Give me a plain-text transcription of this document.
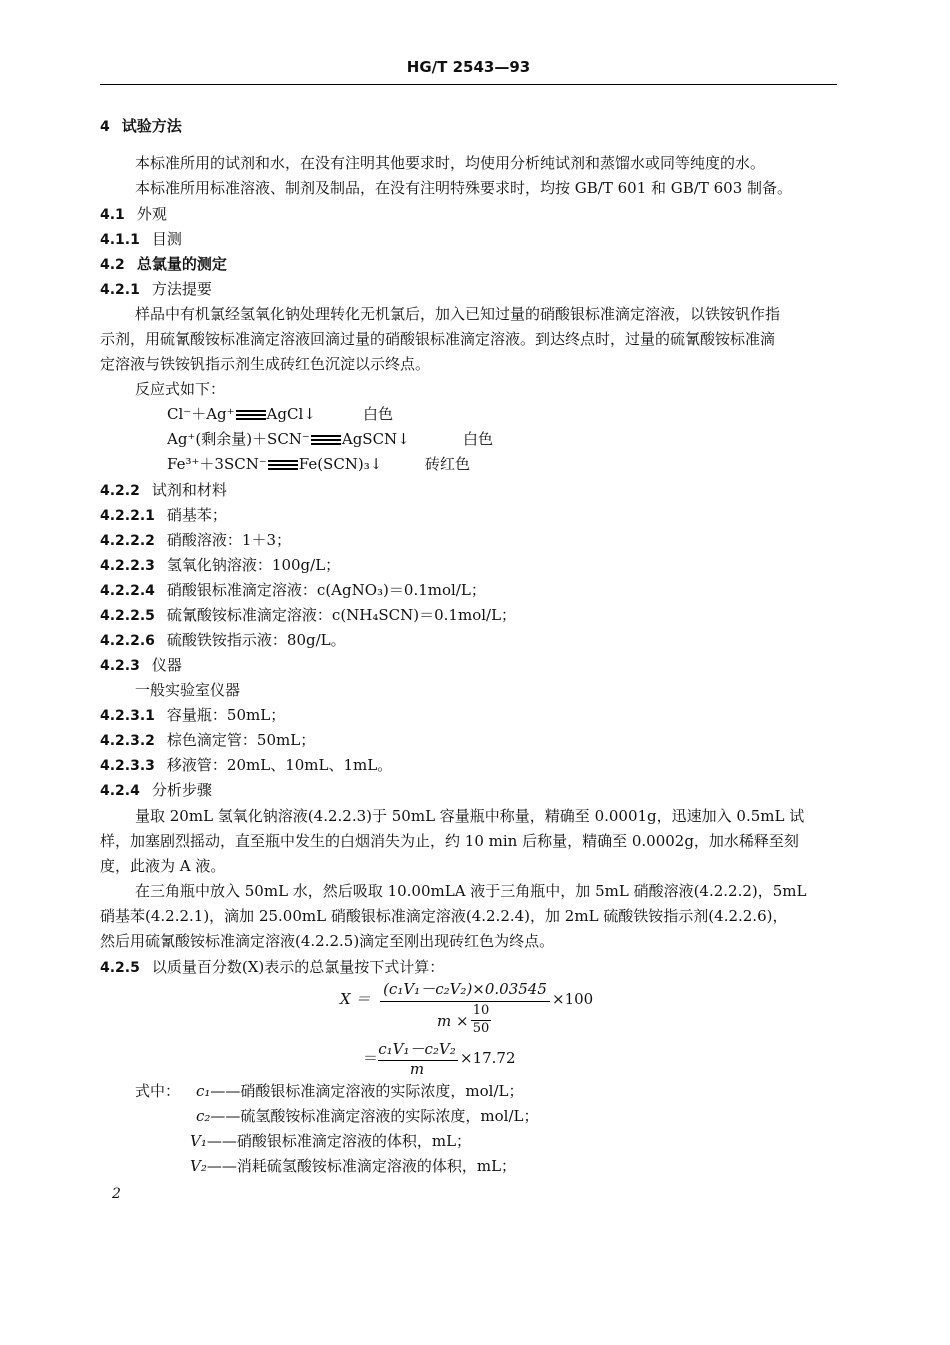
HG/T 2543—93
4 试验方法
本标准所用的试剂和水，在没有注明其他要求时，均使用分析纯试剂和蒸馏水或同等纯度的水。
本标准所用标准溶液、制剂及制品，在没有注明特殊要求时，均按 GB/T 601 和 GB/T 603 制备。
4.1 外观
4.1.1 目测
4.2 总氯量的测定
4.2.1 方法提要
样品中有机氯经氢氧化钠处理转化无机氯后，加入已知过量的硝酸银标准滴定溶液，以铁铵钒作指
示剂，用硫氰酸铵标准滴定溶液回滴过量的硝酸银标准滴定溶液。到达终点时，过量的硫氰酸铵标准滴
定溶液与铁铵钒指示剂生成砖红色沉淀以示终点。
反应式如下：
Cl⁻＋Ag⁺ AgCl↓	白色
Ag⁺(剩余量)＋SCN⁻ AgSCN↓	白色
Fe³⁺＋3SCN⁻ Fe(SCN)₃↓	砖红色
4.2.2 试剂和材料
4.2.2.1 硝基苯；
4.2.2.2 硝酸溶液：1＋3；
4.2.2.3 氢氧化钠溶液：100g/L；
4.2.2.4 硝酸银标准滴定溶液：c(AgNO₃)＝0.1mol/L；
4.2.2.5 硫氰酸铵标准滴定溶液：c(NH₄SCN)＝0.1mol/L；
4.2.2.6 硫酸铁铵指示液：80g/L。
4.2.3 仪器
一般实验室仪器
4.2.3.1 容量瓶：50mL；
4.2.3.2 棕色滴定管：50mL；
4.2.3.3 移液管：20mL、10mL、1mL。
4.2.4 分析步骤
量取 20mL 氢氧化钠溶液(4.2.2.3)于 50mL 容量瓶中称量，精确至 0.0001g，迅速加入 0.5mL 试
样，加塞剧烈摇动，直至瓶中发生的白烟消失为止，约 10 min 后称量，精确至 0.0002g，加水稀释至刻
度，此液为 A 液。
在三角瓶中放入 50mL 水，然后吸取 10.00mLA 液于三角瓶中，加 5mL 硝酸溶液(4.2.2.2)，5mL
硝基苯(4.2.2.1)，滴加 25.00mL 硝酸银标准滴定溶液(4.2.2.4)，加 2mL 硫酸铁铵指示剂(4.2.2.6)，
然后用硫氰酸铵标准滴定溶液(4.2.2.5)滴定至刚出现砖红色为终点。
4.2.5 以质量百分数(X)表示的总氯量按下式计算：
X ＝
(c₁V₁－c₂V₂)×0.03545
m ×
10
50
×100
＝ c₁V₁－c₂V₂
m
×17.72
式中： c₁——硝酸银标准滴定溶液的实际浓度，mol/L；
c₂——硫氢酸铵标准滴定溶液的实际浓度，mol/L；
V₁——硝酸银标准滴定溶液的体积，mL；
V₂——消耗硫氢酸铵标准滴定溶液的体积，mL；
2
